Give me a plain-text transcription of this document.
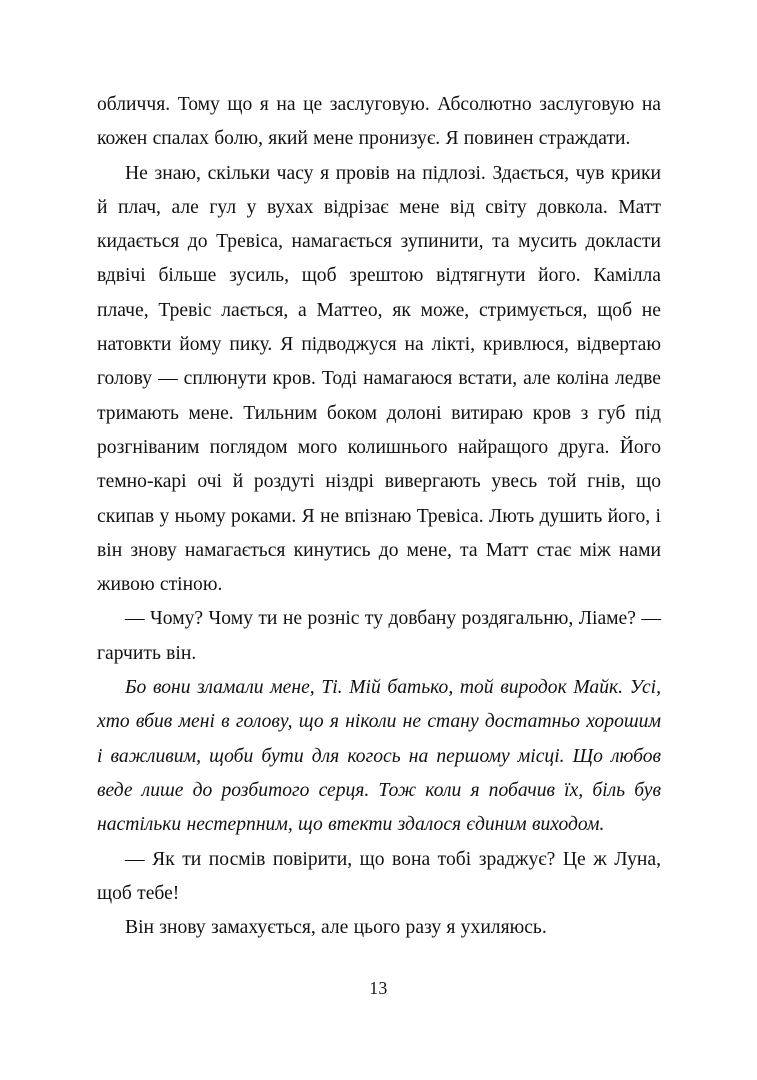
обличчя. Тому що я на це заслуговую. Абсолютно заслуговую на кожен спалах болю, який мене пронизує. Я повинен страждати.

Не знаю, скільки часу я провів на підлозі. Здається, чув крики й плач, але гул у вухах відрізає мене від світу довкола. Матт кидається до Тревіса, намагається зупинити, та мусить докласти вдвічі більше зусиль, щоб зрештою відтягнути його. Камілла плаче, Тревіс лається, а Маттео, як може, стримується, щоб не натовкти йому пику. Я підводжуся на лікті, кривлюся, відвертаю голову — сплюнути кров. Тоді намагаюся встати, але коліна ледве тримають мене. Тильним боком долоні витираю кров з губ під розгніваним поглядом мого колишнього найращого друга. Його темно-карі очі й роздуті ніздрі вивергають увесь той гнів, що скипав у ньому роками. Я не впізнаю Тревіса. Лють душить його, і він знову намагається кинутись до мене, та Матт стає між нами живою стіною.

— Чому? Чому ти не розніс ту довбану роздягальню, Ліаме? — гарчить він.

Бо вони зламали мене, Ті. Мій батько, той виродок Майк. Усі, хто вбив мені в голову, що я ніколи не стану достатньо хорошим і важливим, щоби бути для когось на першому місці. Що любов веде лише до розбитого серця. Тож коли я побачив їх, біль був настільки нестерпним, що втекти здалося єдиним виходом.

— Як ти посмів повірити, що вона тобі зраджує? Це ж Луна, щоб тебе!

Він знову замахується, але цього разу я ухиляюсь.

13
